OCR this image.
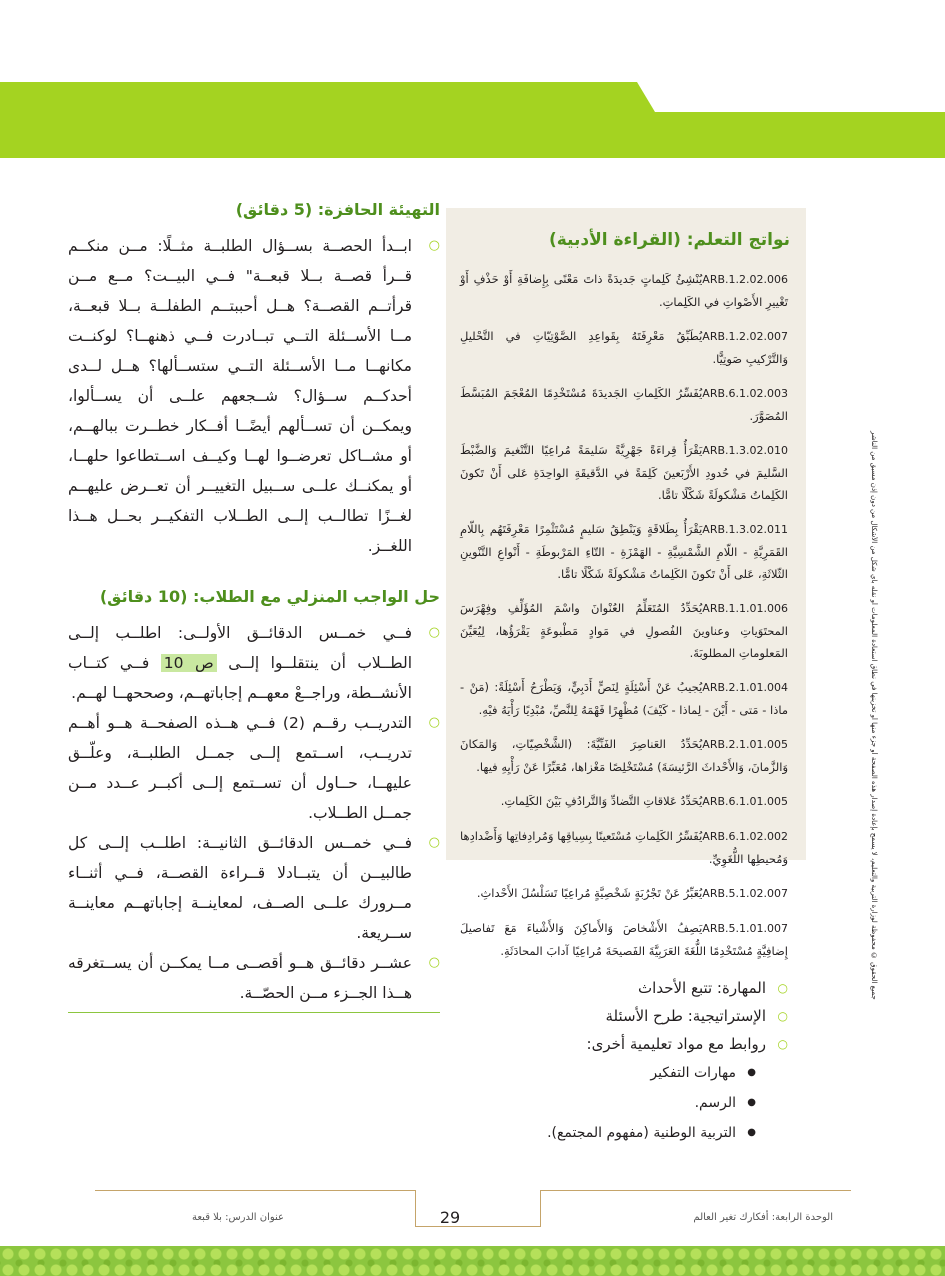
جميع الحقوق © محفوظة لوزارة التربية والتعليم، لا يسمح بإعادة إصدار هذه الصفحة أو جزء منها أو تخزينها في نطاق استعادة المعلومات أو نقله بأي شكل من الأشكال من دون إذن مسبق من الناشر
التهيئة الحافزة: (5 دقائق)
○ ابــدأ الحصــة بســؤال الطلبــة مثــلًا: مــن منكــم قــرأ قصــة بــلا قبعــة" فــي البيــت؟ مــع مــن قرأتــم القصــة؟ هــل أحببتــم الطفلــة بــلا قبعــة، مــا الأســئلة التــي تبــادرت فــي ذهنهــا؟ لوكنــت مكانهــا مــا الأســئلة التــي ستســألها؟ هــل لــدى أحدكــم ســؤال؟ شــجعهم علــى أن يســألوا، ويمكــن أن تســألهم أيضًــا أفــكار خطــرت ببالهــم، أو مشــاكل تعرضــوا لهــا وكيــف اســتطاعوا حلهــا، أو يمكنــك علــى ســبيل التغييــر أن تعــرض عليهــم لغــزًا تطالــب إلــى الطــلاب التفكيــر بحــل هــذا اللغــز.
حل الواجب المنزلي مع الطلاب: (10 دقائق)
○ فــي خمــس الدقائــق الأولــى: اطلــب إلــى الطــلاب أن ينتقلــوا إلــى ص 10 فــي كتــاب الأنشــطة، وراجــعْ معهــم إجاباتهــم، وصححهــا لهــم.
○ التدريــب رقــم (2) فــي هــذه الصفحــة هــو أهــم تدريــب، اســتمع إلــى جمــل الطلبــة، وعلّــق عليهــا، حــاول أن تســتمع إلــى أكبــر عــدد مــن جمــل الطــلاب.
○ فــي خمــس الدقائــق الثانيــة: اطلــب إلــى كل طالبيــن أن يتبــادلا قــراءة القصــة، فــي أثنــاء مــرورك علــى الصــف، لمعاينــة إجاباتهــم معاينــة ســريعة.
○ عشــر دقائــق هــو أقصــى مــا يمكــن أن يســتغرقه هــذا الجــزء مــن الحصّــة.
نواتج التعلم: (القراءة الأدبية)
ARB.1.2.02.006يُنْشِئُ كَلِماتٍ جَديدَةً ذاتَ مَعْنًى بِإِضافَةِ أَوْ حَذْفِ أَوْ تَغْييرِ الأَصْواتِ في الكَلِماتِ.
ARB.1.2.02.007يُطَبِّقُ مَعْرِفَتَهُ بِقَواعِدِ الصَّوْتِيّاتِ في التَّحْليلِ وَالتَّرْكيبِ صَوتِيًّا.
ARB.6.1.02.003يُفَسِّرُ الكَلِماتِ الجَديدَةَ مُسْتَخْدِمًا المُعْجَمَ المُبَسَّطَ المُصَوَّرَ.
ARB.1.3.02.010يَقْرَأُ قِراءَةً جَهْرِيَّةً سَليمَةً مُراعِيًا التَّنْغيمَ وَالضَّبْطَ السَّليمَ في حُدودِ الأَرْبَعينَ كَلِمَةً في الدَّقيقَةِ الواحِدَةِ عَلى أَنْ تَكونَ الكَلِماتُ مَشْكولَةً شَكْلًا تامًّا.
ARB.1.3.02.011يَقْرَأُ بِطَلاقَةٍ وَيَنْطِقُ سَليمٍ مُسْتَثْمِرًا مَعْرِفَتَهُم بِاللّامِ القَمَرِيَّةِ - اللّامِ الشَّمْسِيَّةِ - الهَمْزَةِ - التّاءِ المَرْبوطَةِ - أَنْواعِ التَّنْوينِ الثّلاثَةِ، عَلى أَنْ تَكونَ الكَلِماتُ مَشْكولَةً شَكْلًا تامًّا.
ARB.1.1.01.006يُحَدِّدُ المُتَعَلِّمُ العُنْوانَ واسْمَ المُؤَلِّفِ وفِهْرَسَ المحتَوَياتِ وعناوينَ الفُصولِ في مَوادٍ مَطْبوعَةٍ يَقْرَؤُها، لِيُعَيِّنَ المَعلوماتِ المطلوبَةَ.
ARB.2.1.01.004يُجيبُ عَنْ أَسْئِلَةٍ لِنَصٍّ أَدَبِيٍّ، وَيَطْرَحُ أَسْئِلَةً: (مَنْ - ماذا - مَتى - أَيْنَ - لِماذا - كَيْفَ) مُظْهِرًا فَهْمَهُ لِلنَّصِّ، مُبْدِيًا رَأْيَهُ فيْهِ.
ARB.2.1.01.005يُحَدِّدُ العَناصِرَ الفَنِّيَّةَ: (الشَّخْصِيّاتِ، وَالمَكانَ وَالزَّمانَ، وَالأَحْداثَ الرَّئيسَةَ) مُسْتَخْلِصًا مَغْزاها، مُعَبِّرًا عَنْ رَأْيِهِ فيها.
ARB.6.1.01.005يُحَدِّدُ عَلاقاتِ التَّضادِّ وَالتَّرادُفِ بَيْنَ الكَلِماتِ.
ARB.6.1.02.002يُفَسِّرُ الكَلِماتِ مُسْتَعينًا بِسِياقِها وَمُرادِفاتِها وَأَضْدادِها وَمُحيطِها اللُّغَوِيِّ.
ARB.5.1.02.007يُعَبِّرُ عَنْ تَجْرُبَةٍ شَخْصِيَّةٍ مُراعِيًا تَسَلْسُلَ الأَحْداثِ.
ARB.5.1.01.007يَصِفُ الأَشْخاصَ وَالأَماكِنَ وَالأَشْياءَ مَعَ تَفاصيلَ إِضافِيَّةٍ مُسْتَخْدِمًا اللُّغَةَ العَرَبِيَّةَ الفَصيحَةَ مُراعِيًا آدابَ المحادَثَةِ.
○ المهارة: تتبع الأحداث
○ الإستراتيجية: طرح الأسئلة
○ روابط مع مواد تعليمية أخرى:
● مهارات التفكير
● الرسم.
● التربية الوطنية (مفهوم المجتمع).
الوحدة الرابعة: أفكارك تغير العالم
29
عنوان الدرس: بلا قبعة
